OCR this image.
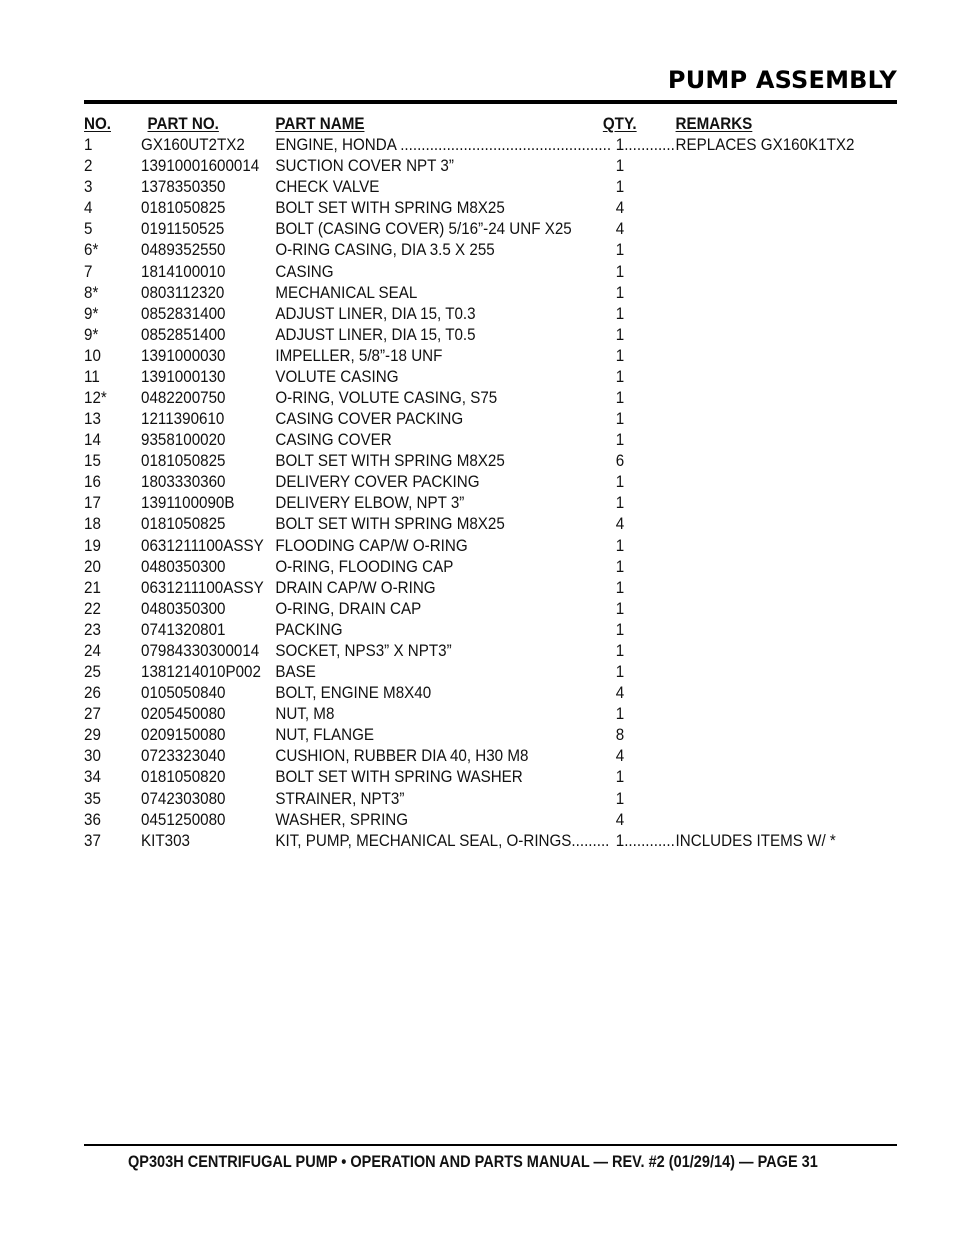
PUMP ASSEMBLY
NO. PART NO.	PART NAME	QTY. REMARKS
1	GX160UT2TX2 ENGINE, HONDA .................................................. 1............ REPLACES GX160K1TX2
2	13910001600014 SUCTION COVER NPT 3”	1
3	1378350350	CHECK VALVE	1
4	0181050825	BOLT SET WITH SPRING M8X25	4
5	0191150525	BOLT (CASING COVER) 5/16”-24 UNF X25	4
6*	0489352550	O-RING CASING, DIA 3.5 X 255	1
7	1814100010	CASING	1
8*	0803112320	MECHANICAL SEAL	1
9*	0852831400	ADJUST LINER, DIA 15, T0.3	1
9*	0852851400	ADJUST LINER, DIA 15, T0.5	1
10 1391000030	IMPELLER, 5/8”-18 UNF	1
11	1391000130	VOLUTE CASING	1
12* 0482200750	O-RING, VOLUTE CASING, S75	1
13 1211390610	CASING COVER PACKING	1
14 9358100020	CASING COVER	1
15 0181050825	BOLT SET WITH SPRING M8X25	6
16 1803330360	DELIVERY COVER PACKING	1
17 1391100090B DELIVERY ELBOW, NPT 3”	1
18 0181050825	BOLT SET WITH SPRING M8X25	4
19 0631211100ASSY FLOODING CAP/W O-RING	1
20 0480350300	O-RING, FLOODING CAP	1
21 0631211100ASSY DRAIN CAP/W O-RING	1
22 0480350300	O-RING, DRAIN CAP	1
23 0741320801	PACKING	1
24 07984330300014 SOCKET, NPS3” X NPT3”	1
25 1381214010P002 BASE	1
26 0105050840	BOLT, ENGINE M8X40	4
27 0205450080	NUT, M8	1
29 0209150080	NUT, FLANGE	8
30 0723323040	CUSHION, RUBBER DIA 40, H30 M8	4
34 0181050820	BOLT SET WITH SPRING WASHER	1
35 0742303080	STRAINER, NPT3”	1
36 0451250080	WASHER, SPRING	4
37 KIT303	KIT, PUMP, MECHANICAL SEAL, O-RINGS......... 1............ INCLUDES ITEMS W/ *
QP303H CENTRIFUGAL PUMP • OPERATION AND PARTS MANUAL — REV. #2 (01/29/14) — PAGE 31
